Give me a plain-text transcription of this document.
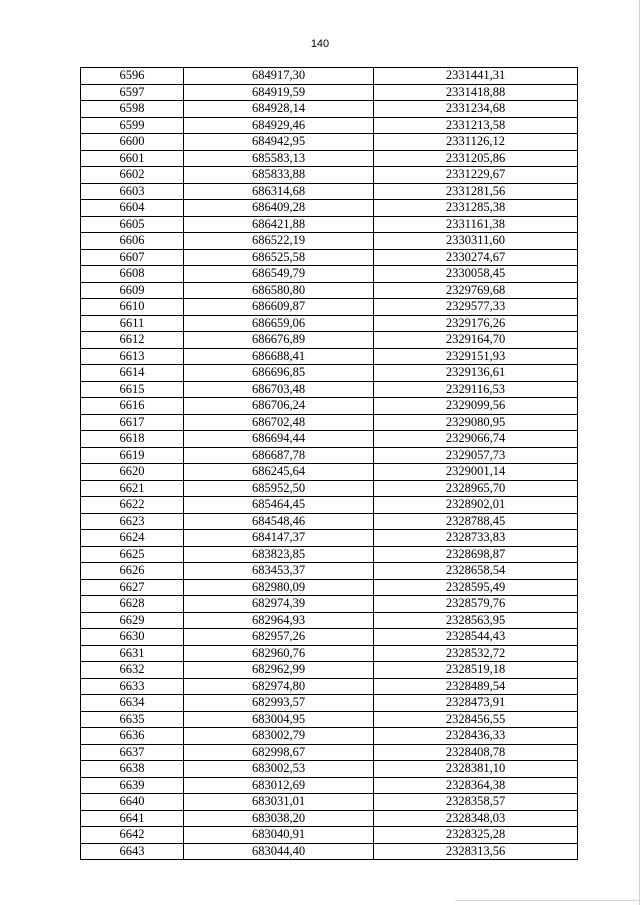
140
6596	684917,30	2331441,31
6597	684919,59	2331418,88
6598	684928,14	2331234,68
6599	684929,46	2331213,58
6600	684942,95	2331126,12
6601	685583,13	2331205,86
6602	685833,88	2331229,67
6603	686314,68	2331281,56
6604	686409,28	2331285,38
6605	686421,88	2331161,38
6606	686522,19	2330311,60
6607	686525,58	2330274,67
6608	686549,79	2330058,45
6609	686580,80	2329769,68
6610	686609,87	2329577,33
6611	686659,06	2329176,26
6612	686676,89	2329164,70
6613	686688,41	2329151,93
6614	686696,85	2329136,61
6615	686703,48	2329116,53
6616	686706,24	2329099,56
6617	686702,48	2329080,95
6618	686694,44	2329066,74
6619	686687,78	2329057,73
6620	686245,64	2329001,14
6621	685952,50	2328965,70
6622	685464,45	2328902,01
6623	684548,46	2328788,45
6624	684147,37	2328733,83
6625	683823,85	2328698,87
6626	683453,37	2328658,54
6627	682980,09	2328595,49
6628	682974,39	2328579,76
6629	682964,93	2328563,95
6630	682957,26	2328544,43
6631	682960,76	2328532,72
6632	682962,99	2328519,18
6633	682974,80	2328489,54
6634	682993,57	2328473,91
6635	683004,95	2328456,55
6636	683002,79	2328436,33
6637	682998,67	2328408,78
6638	683002,53	2328381,10
6639	683012,69	2328364,38
6640	683031,01	2328358,57
6641	683038,20	2328348,03
6642	683040,91	2328325,28
6643	683044,40	2328313,56
